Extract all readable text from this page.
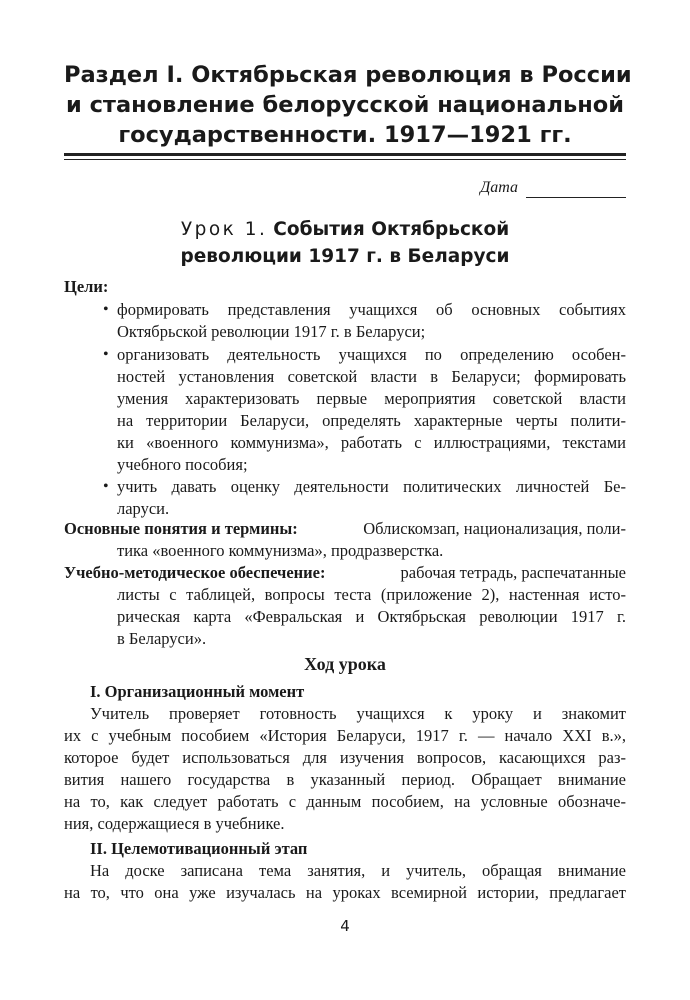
Раздел I. Октябрьская революция в России
и становление белорусской национальной
государственности. 1917—1921 гг.
Дата
Урок 1. События Октябрьской
революции 1917 г. в Беларуси
Цели:
• формировать представления учащихся об основных событиях
Октябрьской революции 1917 г. в Беларуси;
• организовать деятельность учащихся по определению особен-
ностей установления советской власти в Беларуси; формировать
умения характеризовать первые мероприятия советской власти
на территории Беларуси, определять характерные черты полити-
ки «военного коммунизма», работать с иллюстрациями, текстами
учебного пособия;
• учить давать оценку деятельности политических личностей Бе-
ларуси.
Основные понятия и термины:	Облискомзап, национализация, поли-
тика «военного коммунизма», продразверстка.
Учебно-методическое обеспечение:	рабочая тетрадь, распечатанные
листы с таблицей, вопросы теста (приложение 2), настенная исто-
рическая карта «Февральская и Октябрьская революции 1917 г.
в Беларуси».
Ход урока
I. Организационный момент
Учитель проверяет готовность учащихся к уроку и знакомит
их с учебным пособием «История Беларуси, 1917 г. — начало XXI в.»,
которое будет использоваться для изучения вопросов, касающихся раз-
вития нашего государства в указанный период. Обращает внимание
на то, как следует работать с данным пособием, на условные обозначе-
ния, содержащиеся в учебнике.
II. Целемотивационный этап
На доске записана тема занятия, и учитель, обращая внимание
на то, что она уже изучалась на уроках всемирной истории, предлагает
4
